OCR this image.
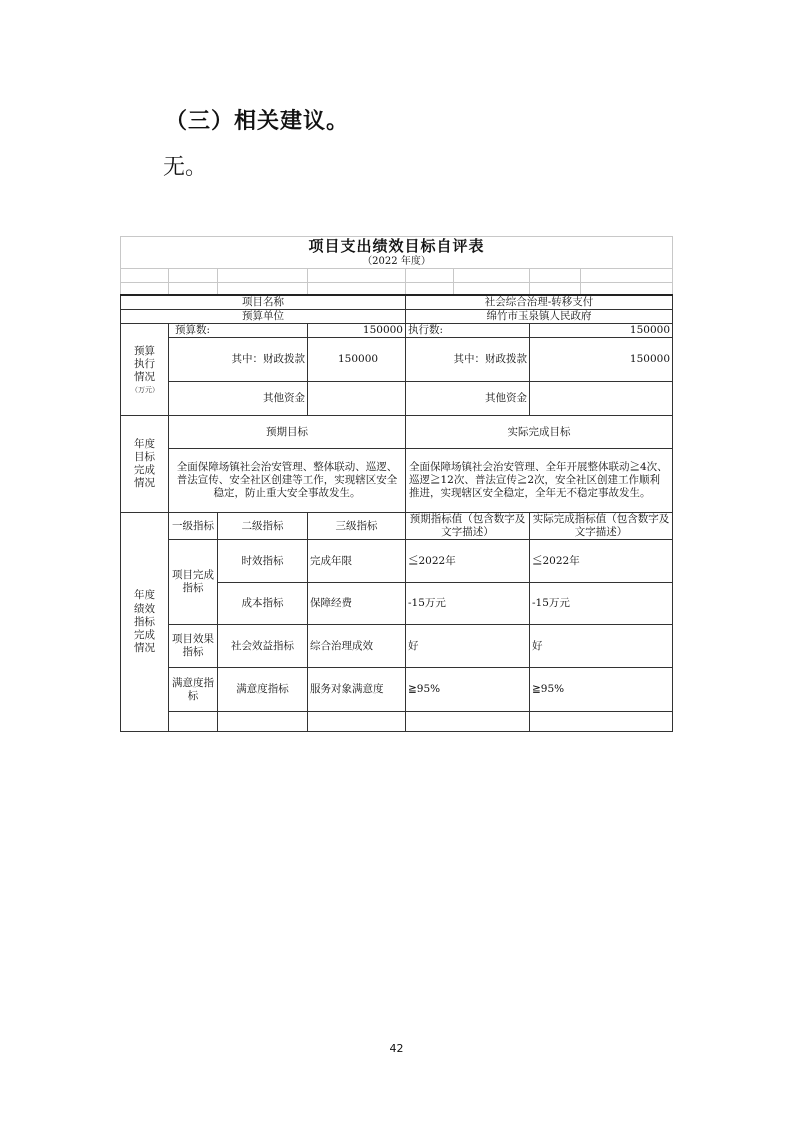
（三）相关建议。
无。
项目支出绩效目标自评表							
（2022 年度）							

项目名称				社会综合治理-转移支付			
预算单位				绵竹市玉泉镇人民政府			
预算执行情况
（万元）	预算数:		150000	执行数:		150000	
	其中：财政拨款		150000	其中：财政拨款		150000	
	其他资金			其他资金			
年度目标完成情况	预期目标			实际完成目标			
	全面保障场镇社会治安管理、整体联动、巡逻、普法宣传、安全社区创建等工作，实现辖区安全稳定，防止重大安全事故发生。			全面保障场镇社会治安管理、全年开展整体联动≧4次、巡逻≧12次、普法宣传≧2次，安全社区创建工作顺利推进，实现辖区安全稳定，全年无不稳定事故发生。			
年度绩效指标完成情况	一级指标	二级指标	三级指标	预期指标值（包含数字及文字描述）		实际完成指标值（包含数字及文字描述）	
	项目完成指标	时效指标	完成年限	≦2022年		≦2022年	
		成本指标	保障经费	-15万元		-15万元	
	项目效果指标	社会效益指标	综合治理成效	好		好	
	满意度指标	满意度指标	服务对象满意度	≧95%		≧95%	

42
